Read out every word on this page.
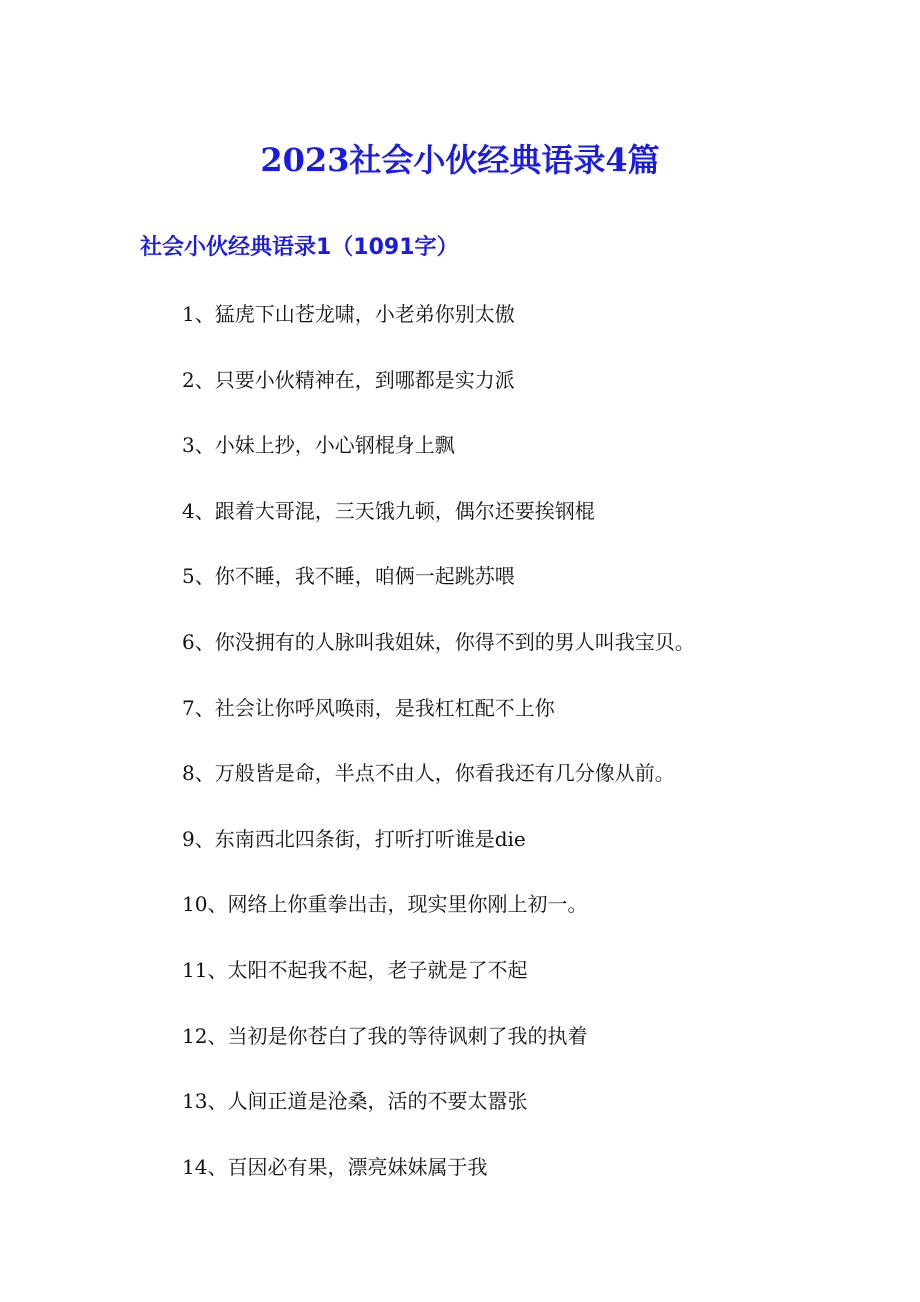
2023社会小伙经典语录4篇
社会小伙经典语录1（1091字）
1、猛虎下山苍龙啸，小老弟你别太傲
2、只要小伙精神在，到哪都是实力派
3、小妹上抄，小心钢棍身上飘
4、跟着大哥混，三天饿九顿，偶尔还要挨钢棍
5、你不睡，我不睡，咱俩一起跳苏喂
6、你没拥有的人脉叫我姐妹，你得不到的男人叫我宝贝。
7、社会让你呼风唤雨，是我杠杠配不上你
8、万般皆是命，半点不由人，你看我还有几分像从前。
9、东南西北四条街，打听打听谁是die
10、网络上你重拳出击，现实里你刚上初一。
11、太阳不起我不起，老子就是了不起
12、当初是你苍白了我的等待讽刺了我的执着
13、人间正道是沧桑，活的不要太嚣张
14、百因必有果，漂亮妹妹属于我
